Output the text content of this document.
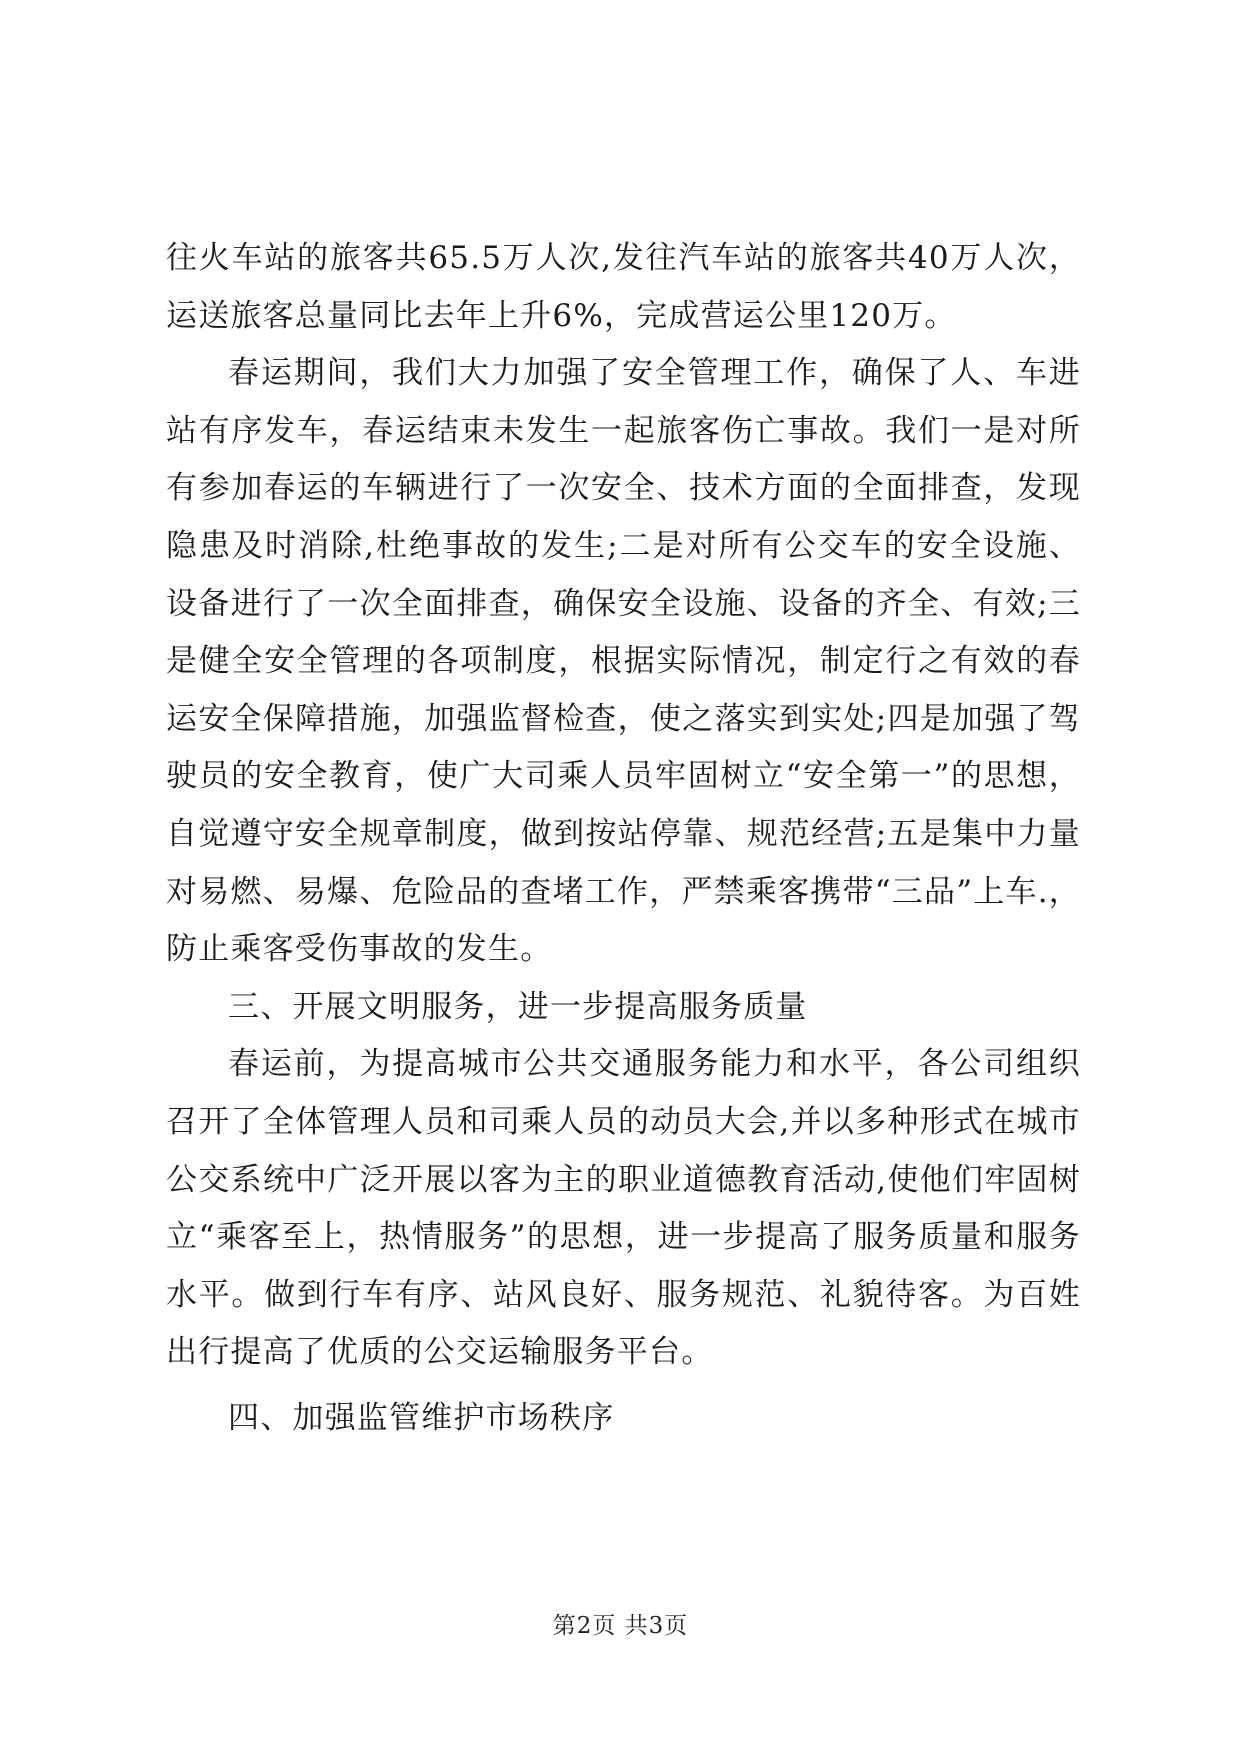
往火车站的旅客共65.5万人次,发往汽车站的旅客共40万人次，运送旅客总量同比去年上升6%，完成营运公里120万。

春运期间，我们大力加强了安全管理工作，确保了人、车进站有序发车，春运结束未发生一起旅客伤亡事故。我们一是对所有参加春运的车辆进行了一次安全、技术方面的全面排查，发现隐患及时消除,杜绝事故的发生;二是对所有公交车的安全设施、设备进行了一次全面排查，确保安全设施、设备的齐全、有效;三是健全安全管理的各项制度，根据实际情况，制定行之有效的春运安全保障措施，加强监督检查，使之落实到实处;四是加强了驾驶员的安全教育，使广大司乘人员牢固树立“安全第一”的思想，自觉遵守安全规章制度，做到按站停靠、规范经营;五是集中力量对易燃、易爆、危险品的查堵工作，严禁乘客携带“三品”上车.，防止乘客受伤事故的发生。

三、开展文明服务，进一步提高服务质量

春运前，为提高城市公共交通服务能力和水平，各公司组织召开了全体管理人员和司乘人员的动员大会,并以多种形式在城市公交系统中广泛开展以客为主的职业道德教育活动,使他们牢固树立“乘客至上，热情服务”的思想，进一步提高了服务质量和服务水平。做到行车有序、站风良好、服务规范、礼貌待客。为百姓出行提高了优质的公交运输服务平台。

四、加强监管维护市场秩序

第2页 共3页
